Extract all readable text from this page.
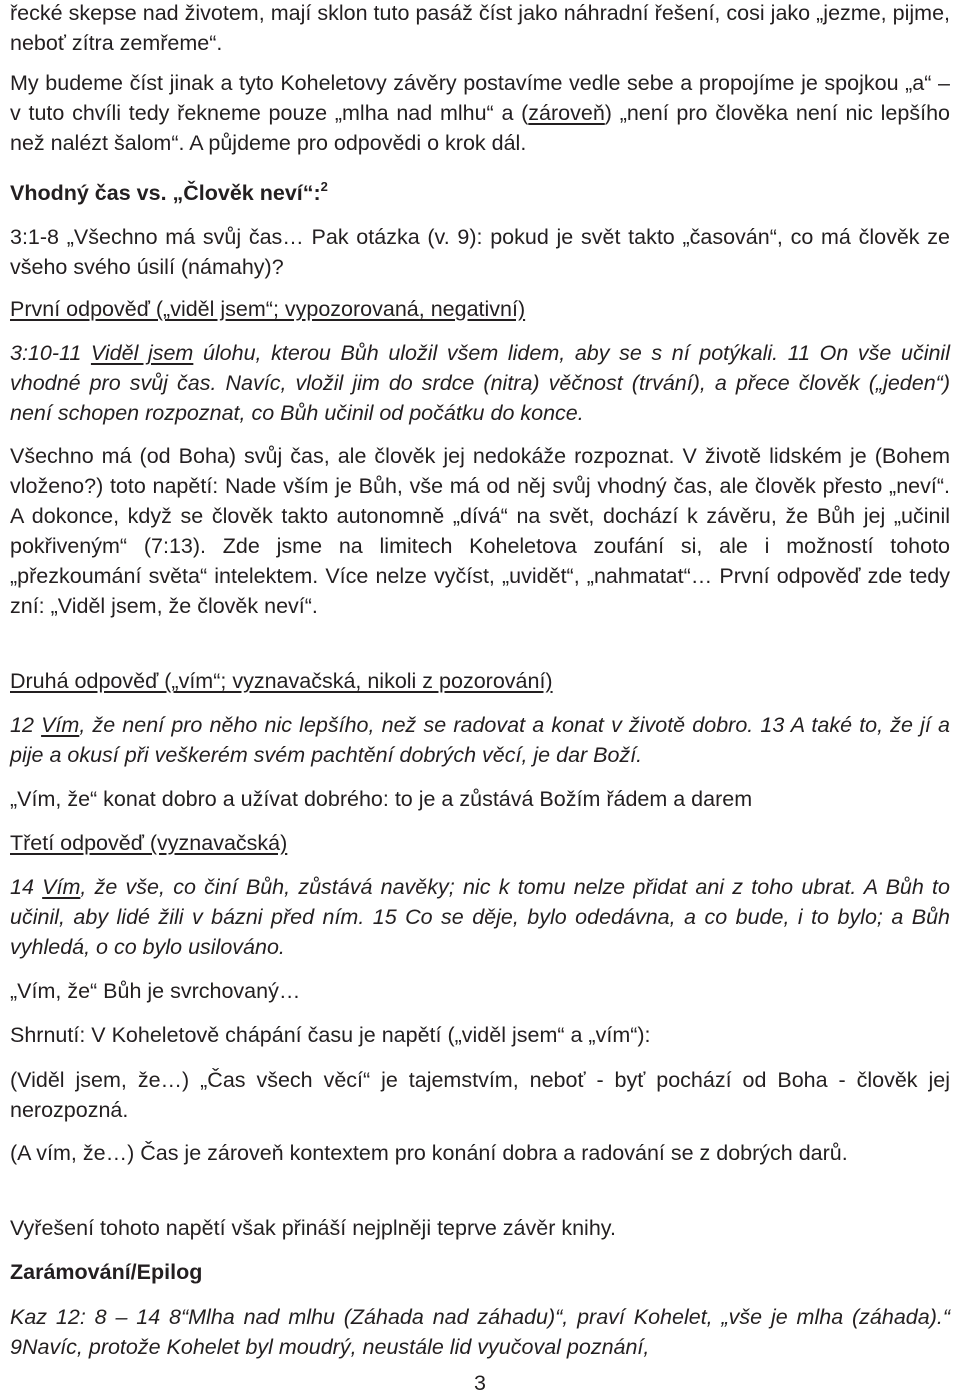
řecké skepse nad životem, mají sklon tuto pasáž číst jako náhradní řešení, cosi jako „jezme, pijme, neboť zítra zemřeme“.

My budeme číst jinak a tyto Koheletovy závěry postavíme vedle sebe a propojíme je spojkou „a“ – v tuto chvíli tedy řekneme pouze „mlha nad mlhu“ a (zároveň) „není pro člověka není nic lepšího než nalézt šalom“. A půjdeme pro odpovědi o krok dál.

Vhodný čas vs. „Člověk neví“:$^2$

3:1-8 „Všechno má svůj čas… Pak otázka (v. 9): pokud je svět takto „časován“, co má člověk ze všeho svého úsilí (námahy)?

První odpověď („viděl jsem“; vypozorovaná, negativní)

3:10-11 Viděl jsem úlohu, kterou Bůh uložil všem lidem, aby se s ní potýkali. 11 On vše učinil vhodné pro svůj čas. Navíc, vložil jim do srdce (nitra) věčnost (trvání), a přece člověk („jeden“) není schopen rozpoznat, co Bůh učinil od počátku do konce.

Všechno má (od Boha) svůj čas, ale člověk jej nedokáže rozpoznat. V životě lidském je (Bohem vloženo?) toto napětí: Nade vším je Bůh, vše má od něj svůj vhodný čas, ale člověk přesto „neví“. A dokonce, když se člověk takto autonomně „dívá“ na svět, dochází k závěru, že Bůh jej „učinil pokřiveným“ (7:13). Zde jsme na limitech Koheletova zoufání si, ale i možností tohoto „přezkoumání světa“ intelektem. Více nelze vyčíst, „uvidět“, „nahmatat“… První odpověď zde tedy zní: „Viděl jsem, že člověk neví“.

Druhá odpověď („vím“; vyznavačská, nikoli z pozorování)

12 Vím, že není pro něho nic lepšího, než se radovat a konat v životě dobro. 13 A také to, že jí a pije a okusí při veškerém svém pachtění dobrých věcí, je dar Boží.

„Vím, že“ konat dobro a užívat dobrého: to je a zůstává Božím řádem a darem

Třetí odpověď (vyznavačská)

14 Vím, že vše, co činí Bůh, zůstává navěky; nic k tomu nelze přidat ani z toho ubrat. A Bůh to učinil, aby lidé žili v bázni před ním. 15 Co se děje, bylo odedávna, a co bude, i to bylo; a Bůh vyhledá, o co bylo usilováno.

„Vím, že“ Bůh je svrchovaný…

Shrnutí: V Koheletově chápání času je napětí („viděl jsem“ a „vím“):

(Viděl jsem, že…) „Čas všech věcí“ je tajemstvím, neboť - byť pochází od Boha - člověk jej nerozpozná.

(A vím, že…) Čas je zároveň kontextem pro konání dobra a radování se z dobrých darů.

Vyřešení tohoto napětí však přináší nejplněji teprve závěr knihy.

Zarámování/Epilog

Kaz 12: 8 – 14 8“Mlha nad mlhu (Záhada nad záhadu)“, praví Kohelet, „vše je mlha (záhada).“ 9Navíc, protože Kohelet byl moudrý, neustále lid vyučoval poznání,

3
